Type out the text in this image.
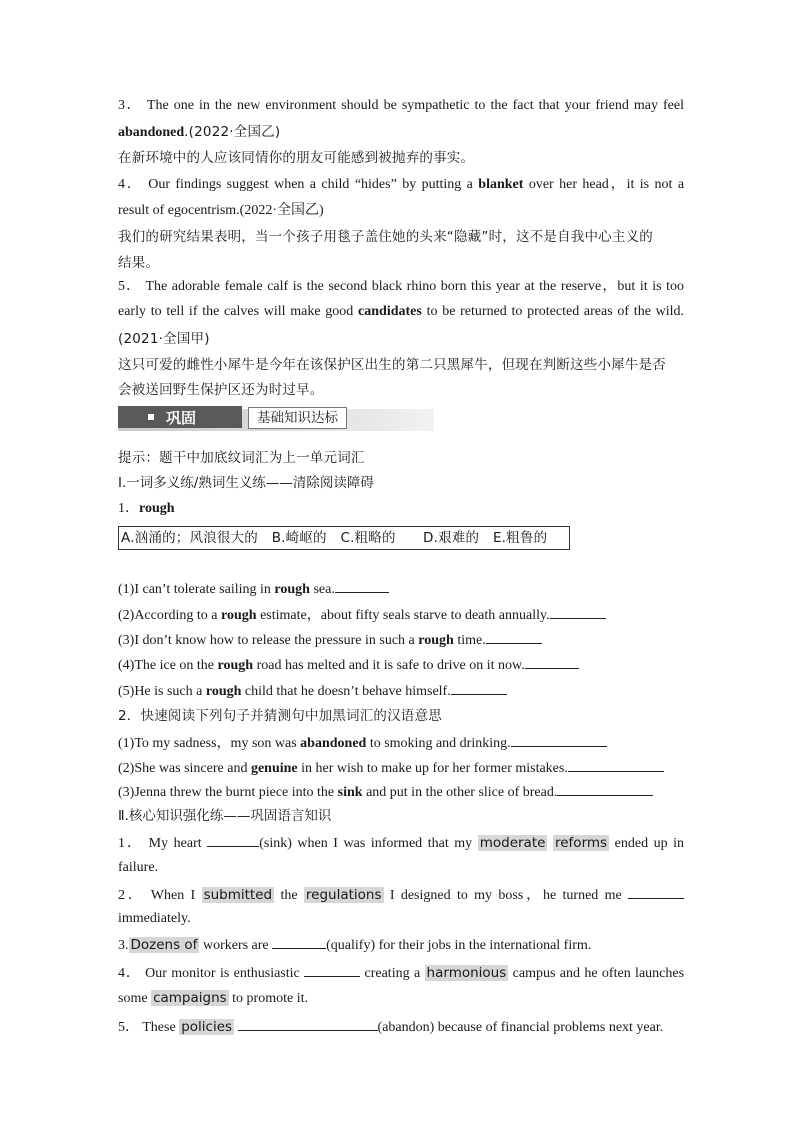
3． The one in the new environment should be sympathetic to the fact that your friend may feel
abandoned.(2022·全国乙)
在新环境中的人应该同情你的朋友可能感到被抛弃的事实。
4． Our findings suggest when a child “hides” by putting a blanket over her head，it is not a
result of egocentrism.(2022·全国乙)
我们的研究结果表明，当一个孩子用毯子盖住她的头来“隐藏”时，这不是自我中心主义的
结果。
5． The adorable female calf is the second black rhino born this year at the reserve，but it is too
early to tell if the calves will make good candidates to be returned to protected areas of the wild.
(2021·全国甲)
这只可爱的雌性小犀牛是今年在该保护区出生的第二只黑犀牛，但现在判断这些小犀牛是否
会被送回野生保护区还为时过早。
巩固	基础知识达标
提示：题干中加底纹词汇为上一单元词汇
Ⅰ.一词多义练/熟词生义练——清除阅读障碍
1．rough
A.汹涌的；风浪很大的　B.崎岖的　C.粗略的　　D.艰难的　E.粗鲁的
(1)I can’t tolerate sailing in rough sea.
(2)According to a rough estimate，about fifty seals starve to death annually.
(3)I don’t know how to release the pressure in such a rough time.
(4)The ice on the rough road has melted and it is safe to drive on it now.
(5)He is such a rough child that he doesn’t behave himself.
2．快速阅读下列句子并猜测句中加黑词汇的汉语意思
(1)To my sadness，my son was abandoned to smoking and drinking.
(2)She was sincere and genuine in her wish to make up for her former mistakes.
(3)Jenna threw the burnt piece into the sink and put in the other slice of bread.
Ⅱ.核心知识强化练——巩固语言知识
1． My heart	(sink) when I was informed that my moderate reforms ended up in
failure.
2． When I submitted the regulations I designed to my boss，he turned me
immediately.
3. Dozens of workers are	(qualify) for their jobs in the international firm.
4． Our monitor is enthusiastic	creating a harmonious campus and he often launches
some campaigns to promote it.
5． These policies	(abandon) because of financial problems next year.
